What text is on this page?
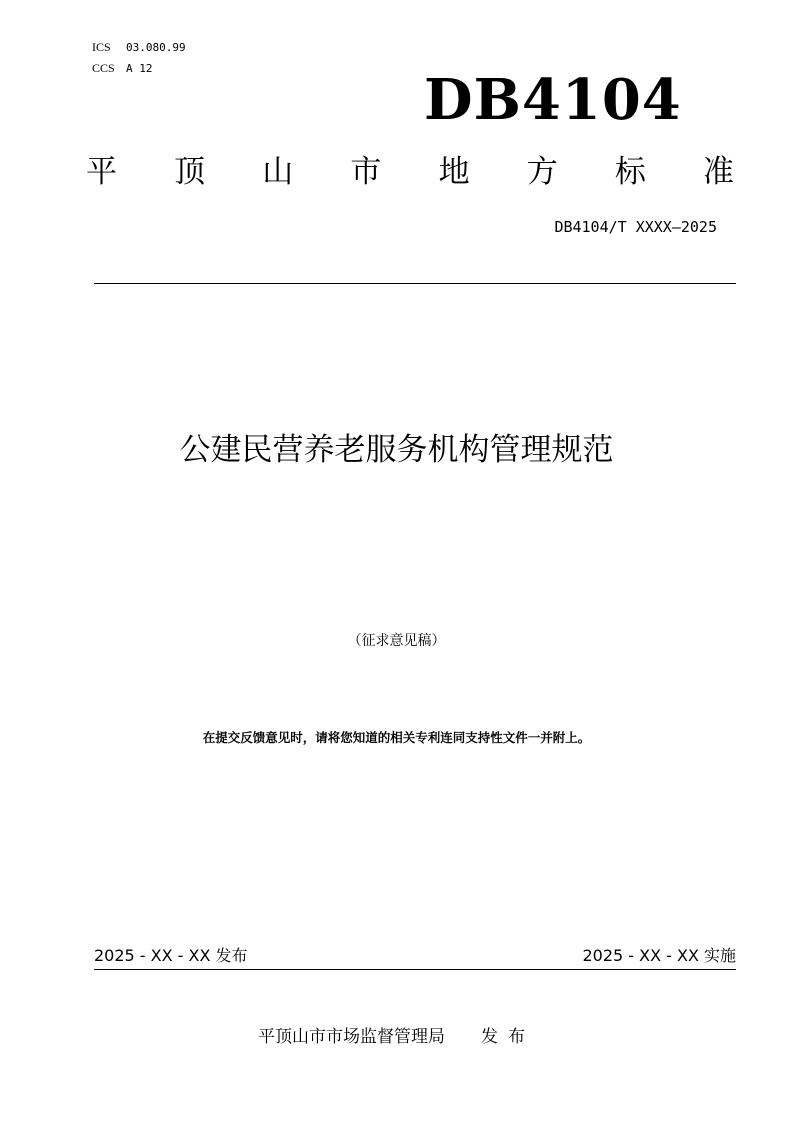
ICS 03.080.99
CCS A 12	DB4104
平 顶 山 市 地 方 标 准
DB4104/T XXXX—2025
公建民营养老服务机构管理规范
（征求意见稿）
在提交反馈意见时，请将您知道的相关专利连同支持性文件一并附上。
2025 - XX - XX 发布	2025 - XX - XX 实施
平顶山市市场监督管理局 发布
